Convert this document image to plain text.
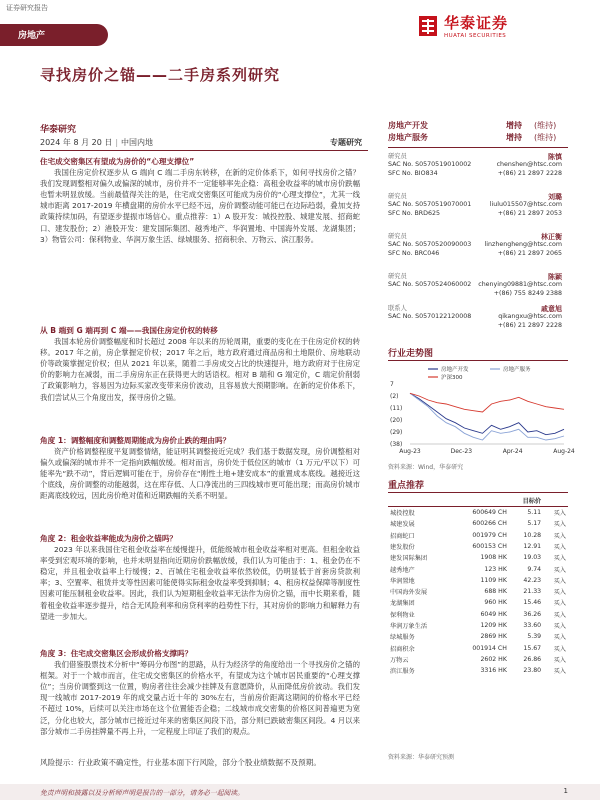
证券研究报告
房地产
华泰证券
HUATAI SECURITIES
寻找房价之锚——二手房系列研究
华泰研究
2024 年 8 月 20 日 | 中国内地	专题研究
住宅成交密集区有望成为房价的“心理支撑位”
我国住房定价权逐步从 G 端向 C 端二手房东转移，在新的定价体系下，如何寻找房价之锚？我们发现调整相对偏久或偏深的城市，房价并不一定能够率先企稳：高租金收益率的城市房价跌幅也暂未明显放缓。当前最值得关注的是，住宅成交密集区可能成为房价的“心理支撑位”，尤其一线城市距离 2017-2019 年横盘期的房价水平已经不远，房价调整动能可能已在边际趋弱，叠加支持政策持续加码，有望逐步提振市场信心。重点推荐：1）A 股开发：城投控股、城建发展、招商蛇口、建发股份；2）港股开发：建发国际集团、越秀地产、华润置地、中国海外发展、龙湖集团；3）物管公司：保利物业、华润万象生活、绿城服务、招商积余、万物云、滨江服务。
从 B 端到 G 端再到 C 端——我国住房定价权的转移
我国本轮房价调整幅度和时长超过 2008 年以来的历轮周期，重要的变化在于住房定价权的转移。2017 年之前，房企掌握定价权；2017 年之后，地方政府通过商品房和土地限价、房地联动价等政策掌握定价权；但从 2021 年以来，随着二手房成交占比的快速提升，地方政府对于住房定价的影响力在减弱，而二手房房东正在获得更大的话语权。相对 B 端和 G 端定价，C 端定价削弱了政策影响力，容易因为边际买家改变带来房价波动，且容易放大预期影响。在新的定价体系下，我们尝试从三个角度出发，探寻房价之锚。
角度 1：调整幅度和调整周期能成为房价止跌的理由吗？
资产价格调整程度平复调整情绪，能证明其调整接近完成？我们基于数据发现，房价调整相对偏久或偏深的城市并不一定指向跌幅放缓。相对而言，房价处于低位区的城市（1 万元/平以下）可能率先“跌不动”，背后逻辑可能在于，房价存在“刚性土地+建安成本”的重置成本底线。越接近这个底线，房价调整的动能越弱，这在库存低、人口净流出的三四线城市更可能出现；而高房价城市距离底线较远，因此房价绝对值和近期跌幅的关系不明显。
角度 2：租金收益率能成为房价之锚吗？
2023 年以来我国住宅租金收益率在缓慢提升，低能级城市租金收益率相对更高。但租金收益率受到宏观环境的影响，也并未明显指向近期房价跌幅放缓，我们认为可能由于：1、租金仍在不稳定，并且租金收益率上行缓慢；2、百城住宅租金收益率依然较低，仍明显低于首套房贷款利率；3、空置率、租赁并支等性因素可能使得实际租金收益率受到抑制；4、租房权益保障等制度性因素可能压制租金收益率。因此，我们认为短期租金收益率无法作为房价之锚，而中长期来看，随着租金收益率逐步提升，结合无风险利率和房贷利率的趋势性下行，其对房价的影响力和解释力有望进一步加大。
角度 3：住宅成交密集区会形成价格支撑吗？
我们借鉴股票技术分析中“筹码分布图”的思路，从行为经济学的角度给出一个寻找房价之锚的框架。对于一个城市而言，住宅成交密集区的价格水平，有望成为这个城市居民重要的“心理支撑位”；当房价调整到这一位置，购房者往往会减少挂牌及有意愿降价，从而降低房价波动。我们发现一线城市 2017-2019 年的成交量占近十年的 30%左右，当前房价距离这期间的价格水平已经不超过 10%，后续可以关注市场在这个位置能否企稳；二线城市成交密集的价格区间普遍更为宽泛，分化也较大，部分城市已接近过年来的密集区间段下沿，部分则已跌破密集区间段。4 月以来部分城市二手房挂牌量不再上升，一定程度上印证了我们的观点。
风险提示：行业政策不确定性，行业基本面下行风险，部分个股业绩数据不及预期。
房地产开发	增持 (维持)
房地产服务	增持 (维持)
研究员	陈慎
SAC No. S0570519010002	chenshen@htsc.com
SFC No. BIO834	+(86) 21 2897 2228
研究员	刘璐
SAC No. S0570519070001	liulu015507@htsc.com
SFC No. BRD625	+(86) 21 2897 2053
研究员	林正衡
SAC No. S0570520090003 linzhengheng@htsc.com
SFC No. BRC046	+(86) 21 2897 2065
研究员	陈颖
SAC No. S0570524060002 chenying09881@htsc.com
+(86) 755 8249 2388
联系人	戚意旭
SAC No. S0570122120008	qikangxu@htsc.com
+(86) 21 2897 2228
行业走势图
7
(2)
(11)
(20)
(29)
(38)
Aug-23	Dec-23	Apr-24	Aug-24
房地产开发	房地产服务
沪深300
资料来源：Wind，华泰研究
重点推荐
		目标价	
城投控股	600649 CH	5.11	买入
城建发展	600266 CH	5.17	买入
招商蛇口	001979 CH	10.28	买入
建发股份	600153 CH	12.91	买入
建发国际集团	1908 HK	19.03	买入
越秀地产	123 HK	9.74	买入
华润置地	1109 HK	42.23	买入
中国海外发展	688 HK	21.33	买入
龙湖集团	960 HK	15.46	买入
保利物业	6049 HK	36.26	买入
华润万象生活	1209 HK	33.60	买入
绿城服务	2869 HK	5.39	买入
招商积余	001914 CH	15.67	买入
万物云	2602 HK	26.86	买入
滨江服务	3316 HK	23.80	买入
资料来源：华泰研究预测
免责声明和披露以及分析师声明是报告的一部分，请务必一起阅读。	1
